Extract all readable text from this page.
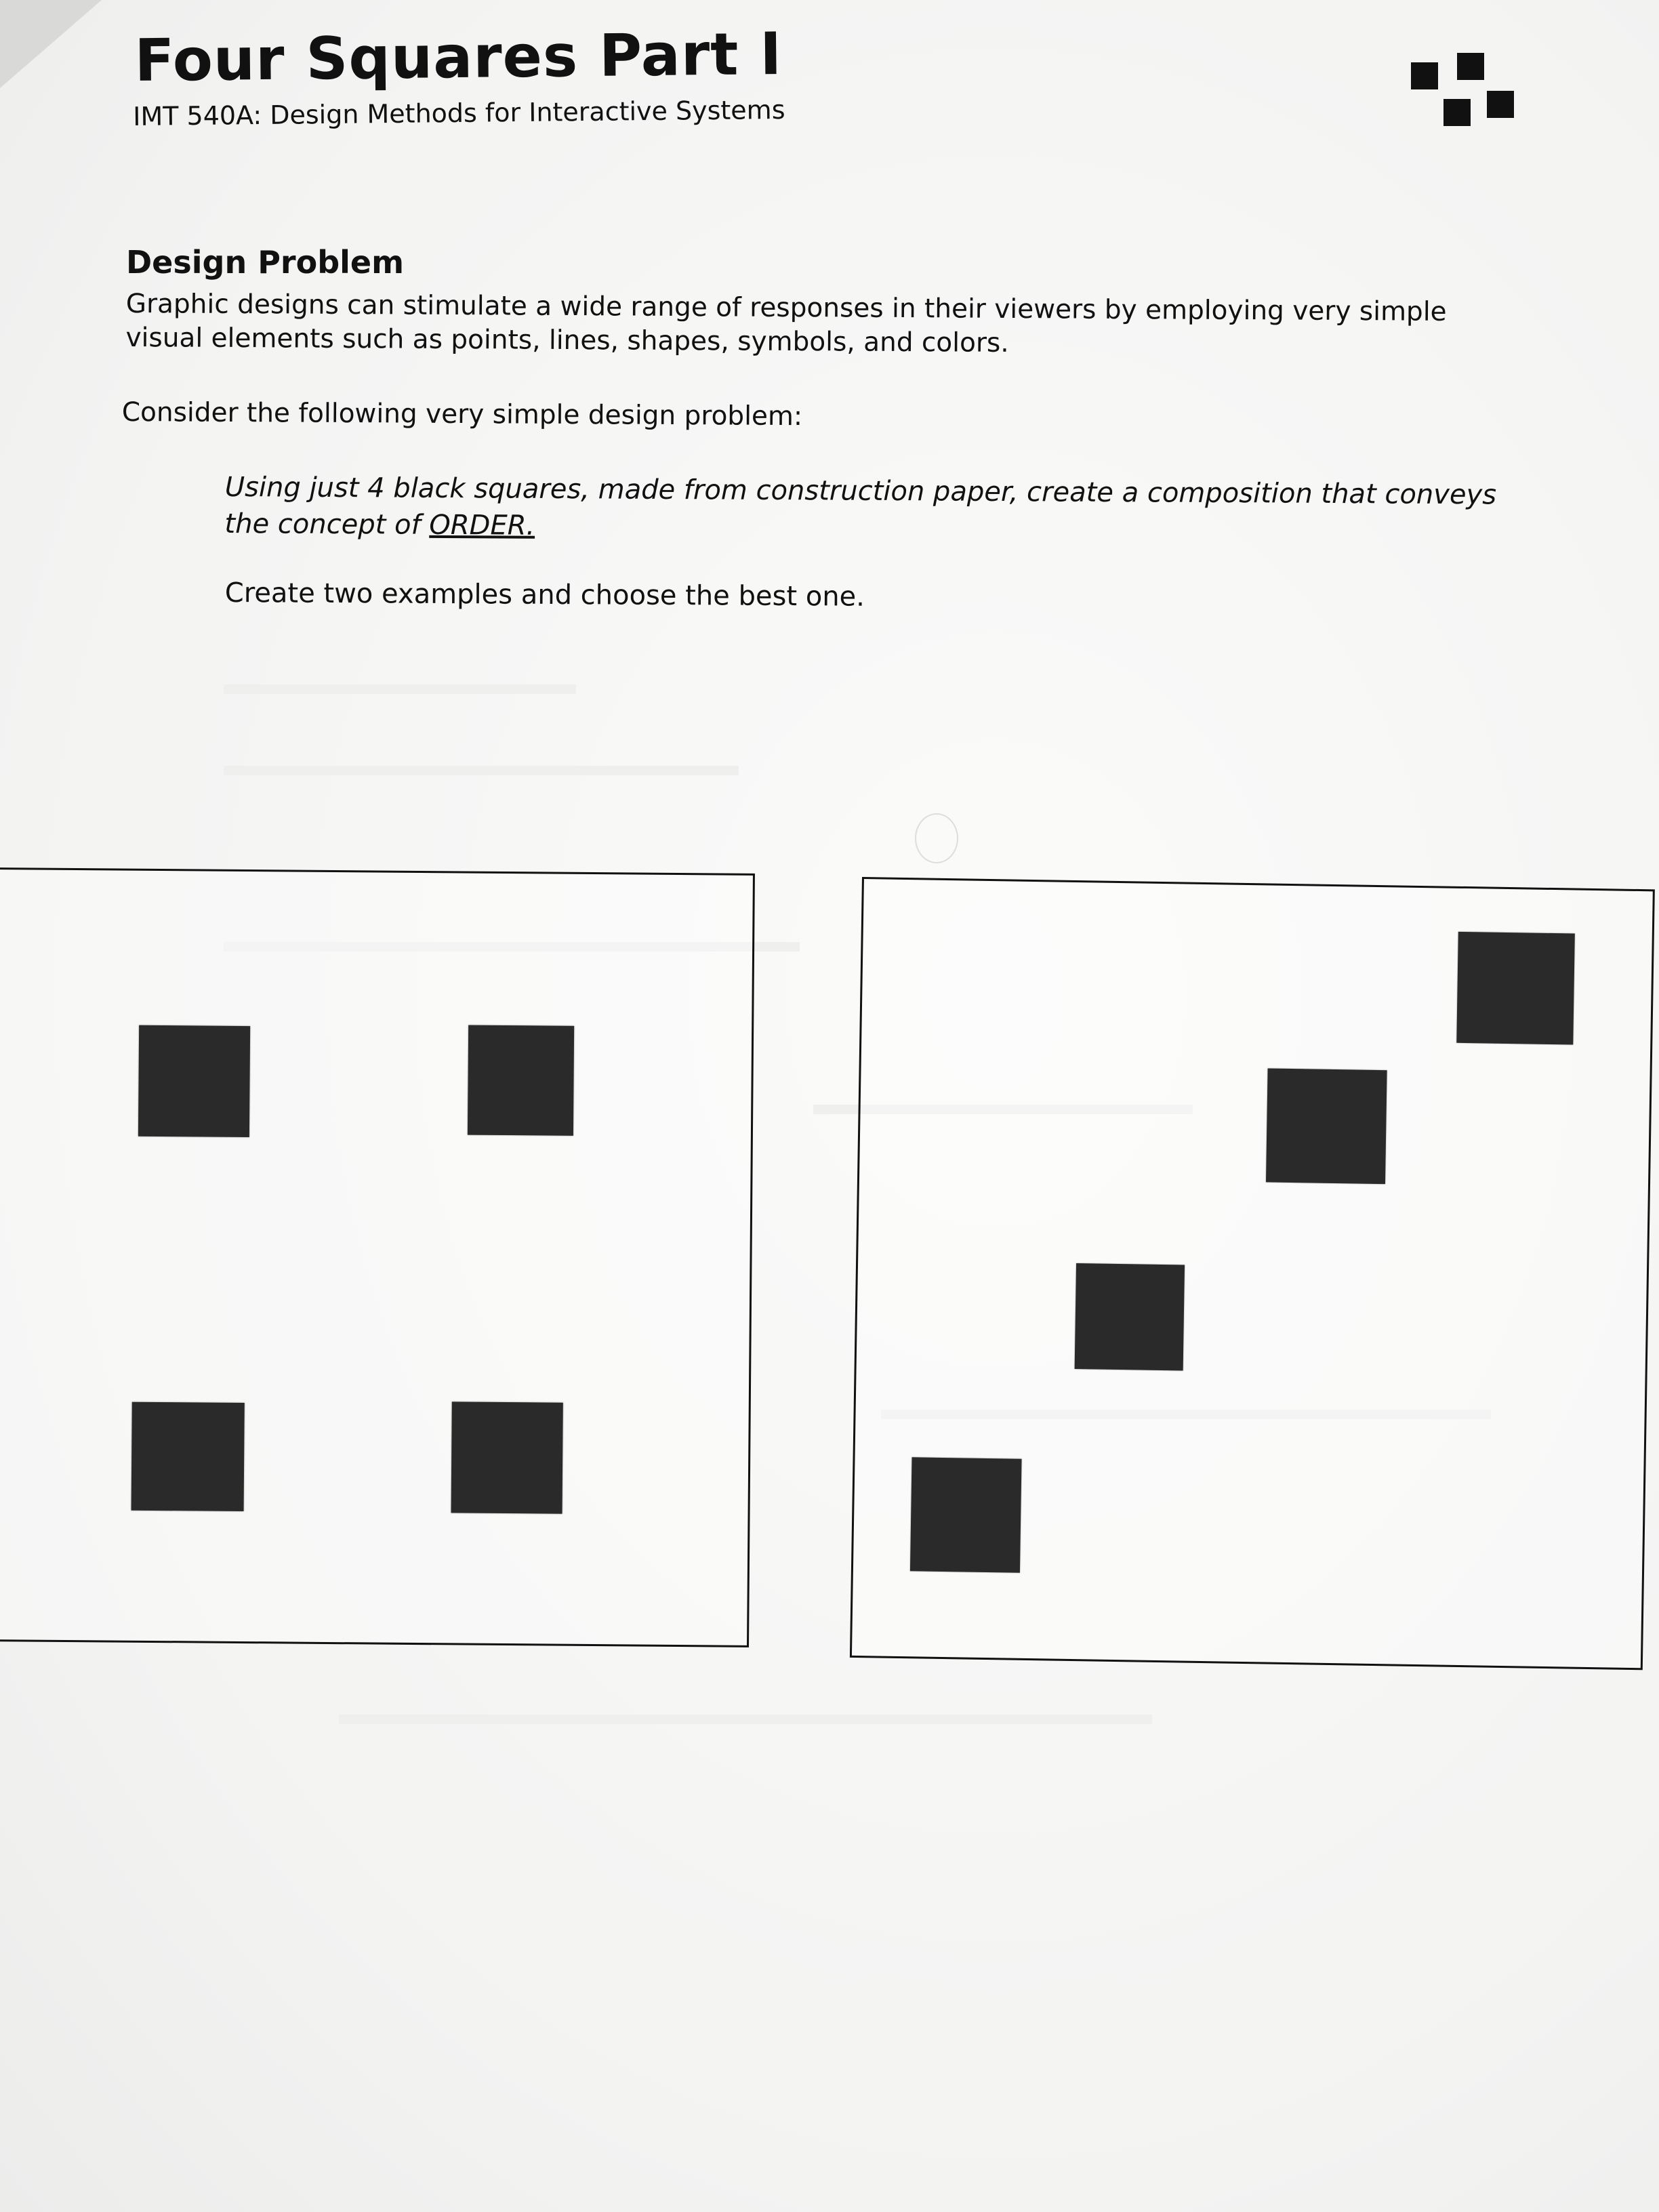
Four Squares Part I
IMT 540A: Design Methods for Interactive Systems
Design Problem
Graphic designs can stimulate a wide range of responses in their viewers by employing very simple
visual elements such as points, lines, shapes, symbols, and colors.
Consider the following very simple design problem:
Using just 4 black squares, made from construction paper, create a composition that conveys
the concept of ORDER.
Create two examples and choose the best one.
